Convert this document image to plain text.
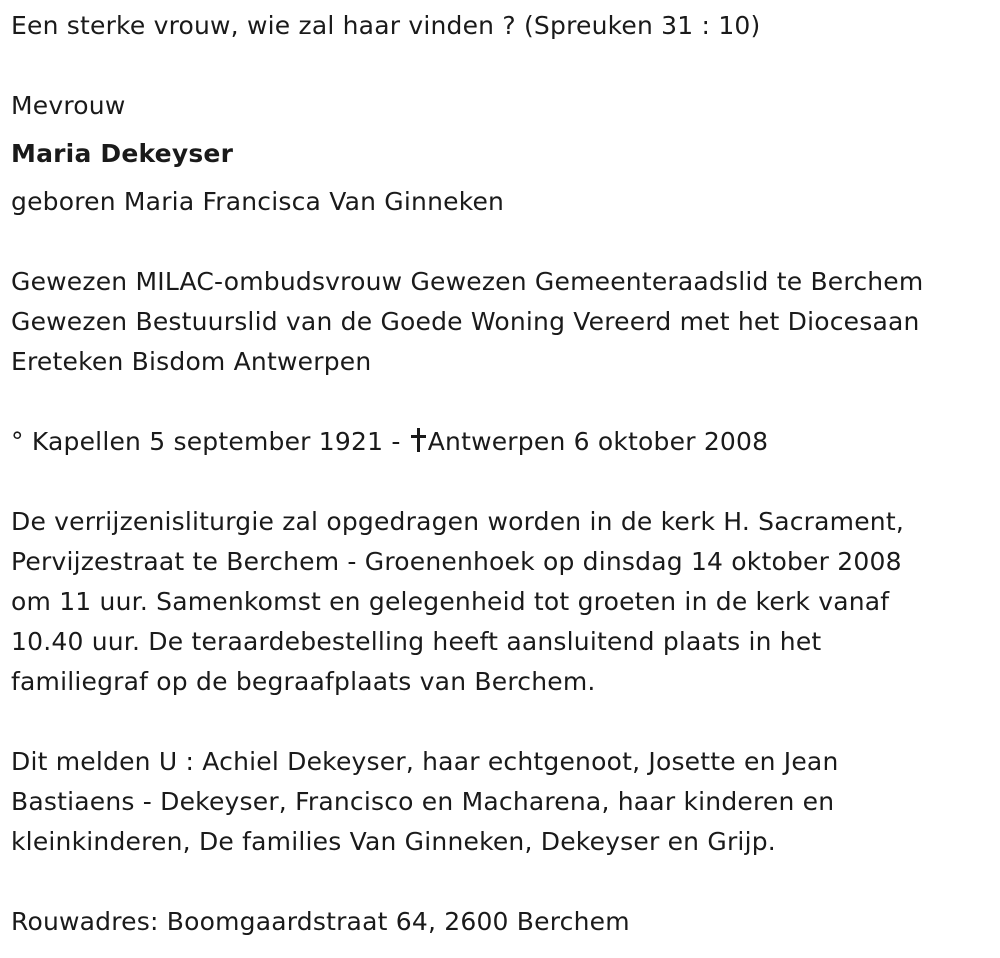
Een sterke vrouw, wie zal haar vinden ? (Spreuken 31 : 10)
Mevrouw
Maria Dekeyser
geboren Maria Francisca Van Ginneken
Gewezen MILAC-ombudsvrouw Gewezen Gemeenteraadslid te Berchem
Gewezen Bestuurslid van de Goede Woning Vereerd met het Diocesaan
Ereteken Bisdom Antwerpen
° Kapellen 5 september 1921 - Antwerpen 6 oktober 2008
De verrijzenisliturgie zal opgedragen worden in de kerk H. Sacrament,
Pervijzestraat te Berchem - Groenenhoek op dinsdag 14 oktober 2008
om 11 uur. Samenkomst en gelegenheid tot groeten in de kerk vanaf
10.40 uur. De teraardebestelling heeft aansluitend plaats in het
familiegraf op de begraafplaats van Berchem.
Dit melden U : Achiel Dekeyser, haar echtgenoot, Josette en Jean
Bastiaens - Dekeyser, Francisco en Macharena, haar kinderen en
kleinkinderen, De families Van Ginneken, Dekeyser en Grijp.
Rouwadres: Boomgaardstraat 64, 2600 Berchem
